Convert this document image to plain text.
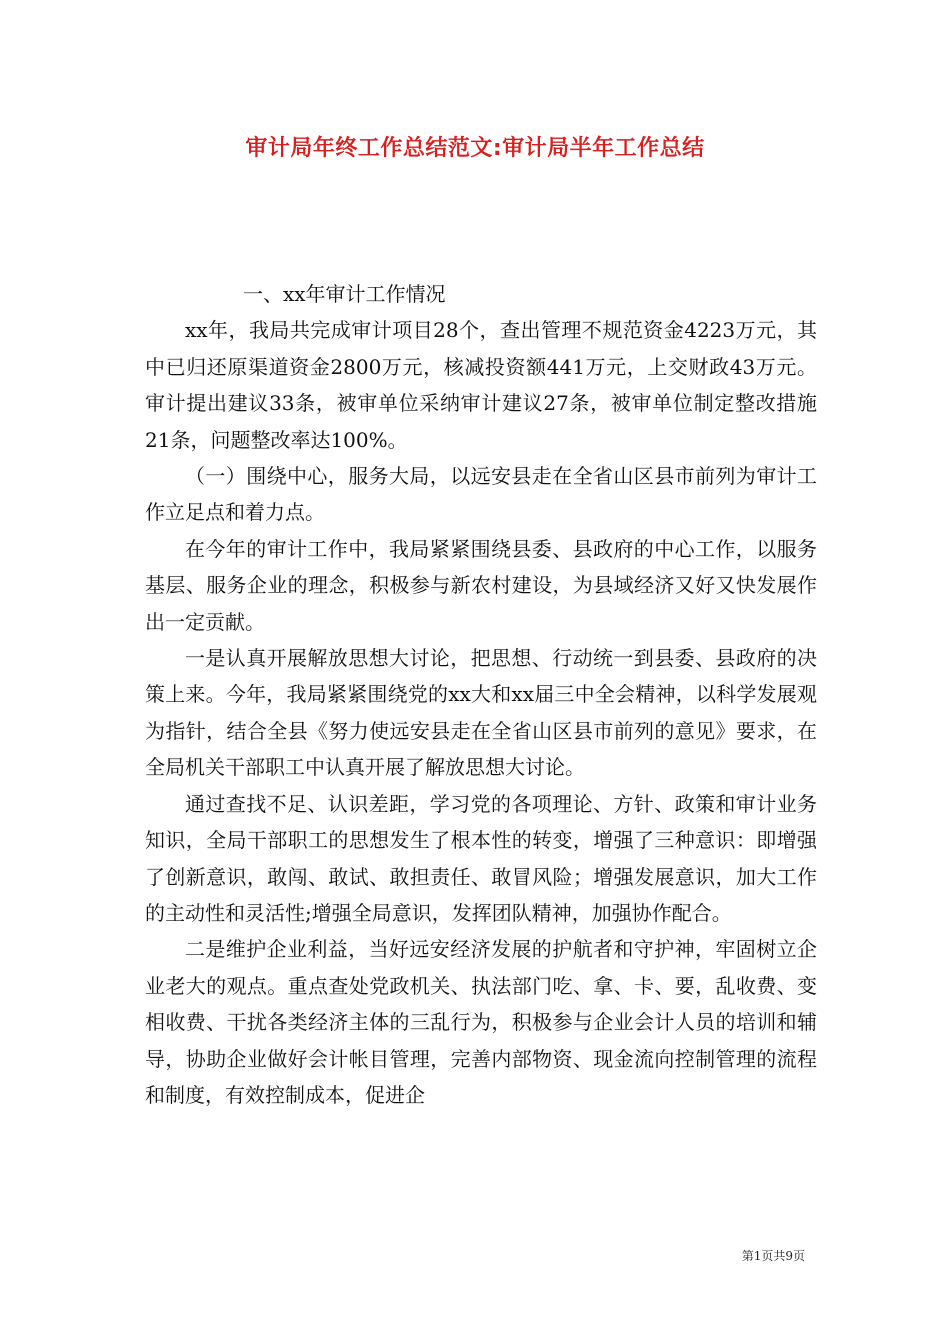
审计局年终工作总结范文:审计局半年工作总结

一、xx年审计工作情况

xx年，我局共完成审计项目28个，查出管理不规范资金4223万元，其中已归还原渠道资金2800万元，核减投资额441万元，上交财政43万元。审计提出建议33条，被审单位采纳审计建议27条，被审单位制定整改措施21条，问题整改率达100%。

（一）围绕中心，服务大局，以远安县走在全省山区县市前列为审计工作立足点和着力点。

在今年的审计工作中，我局紧紧围绕县委、县政府的中心工作，以服务基层、服务企业的理念，积极参与新农村建设，为县域经济又好又快发展作出一定贡献。

一是认真开展解放思想大讨论，把思想、行动统一到县委、县政府的决策上来。今年，我局紧紧围绕党的xx大和xx届三中全会精神，以科学发展观为指针，结合全县《努力使远安县走在全省山区县市前列的意见》要求，在全局机关干部职工中认真开展了解放思想大讨论。

通过查找不足、认识差距，学习党的各项理论、方针、政策和审计业务知识，全局干部职工的思想发生了根本性的转变，增强了三种意识：即增强了创新意识，敢闯、敢试、敢担责任、敢冒风险；增强发展意识，加大工作的主动性和灵活性;增强全局意识，发挥团队精神，加强协作配合。

二是维护企业利益，当好远安经济发展的护航者和守护神，牢固树立企业老大的观点。重点查处党政机关、执法部门吃、拿、卡、要，乱收费、变相收费、干扰各类经济主体的三乱行为，积极参与企业会计人员的培训和辅导，协助企业做好会计帐目管理，完善内部物资、现金流向控制管理的流程和制度，有效控制成本，促进企

第1页共9页
